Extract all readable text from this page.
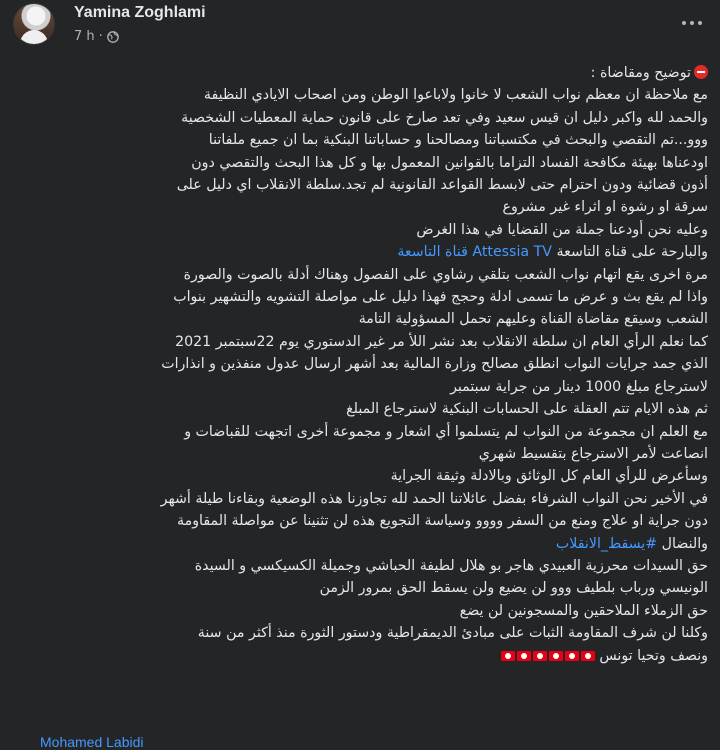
Yamina Zoghlami
7 h ·
توضيح ومقاضاة :
مع ملاحظة ان معظم نواب الشعب لا خانوا ولاباعوا الوطن ومن اصحاب الايادي النظيفة
والحمد لله واكبر دليل ان قيس سعيد وفي تعد صارخ على قانون حماية المعطيات الشخصية
ووو...تم التقصي والبحث في مكتسباتنا ومصالحنا و حساباتنا البنكية بما ان جميع ملفاتنا
اودعناها بهيئة مكافحة الفساد التزاما بالقوانين المعمول بها و كل هذا البحث والتقصي دون
أذون قضائية ودون احترام حتى لابسط القواعد القانونية لم تجد.سلطة الانقلاب اي دليل على
سرقة او رشوة او اثراء غير مشروع
وعليه نحن أودعنا جملة من القضايا في هذا الغرض
والبارحة على قناة التاسعة Attessia TV قناة التاسعة
مرة اخرى يقع اتهام نواب الشعب بتلقي رشاوي على الفصول وهناك أدلة بالصوت والصورة
واذا لم يقع بث و عرض ما تسمى ادلة وحجج فهذا دليل على مواصلة التشويه والتشهير بنواب
الشعب وسيقع مقاضاة القناة وعليهم تحمل المسؤولية التامة
كما نعلم الرأي العام ان سلطة الانقلاب بعد نشر اللأ مر غير الدستوري يوم 22سبتمبر 2021
الذي جمد جرايات النواب انطلق مصالح وزارة المالية بعد أشهر ارسال عدول منفذين و انذارات
لاسترجاع مبلغ 1000 دينار من جراية سبتمبر
ثم هذه الايام تتم العقلة على الحسابات البنكية لاسترجاع المبلغ
مع العلم ان مجموعة من النواب لم يتسلموا أي اشعار و مجموعة أخرى اتجهت للقباضات و
انصاعت لأمر الاسترجاع بتقسيط شهري
وسأعرض للرأي العام كل الوثائق وبالادلة وثيقة الجراية
في الأخير نحن النواب الشرفاء بفضل عائلاتنا الحمد لله تجاوزنا هذه الوضعية وبقاءنا طيلة أشهر
دون جراية او علاج ومنع من السفر وووو وسياسة التجويع هذه لن تثنينا عن مواصلة المقاومة
والنضال #يسقط_الانقلاب
حق السيدات محرزية العبيدي هاجر بو هلال لطيفة الحباشي وجميلة الكسيكسي و السيدة
الونيسي ورباب بلطيف ووو لن يضيع ولن يسقط الحق بمرور الزمن
حق الزملاء الملاحقين والمسجونين لن يضع
وكلنا لن شرف المقاومة الثبات على مبادئ الديمقراطية ودستور الثورة منذ أكثر من سنة
ونصف وتحيا تونس
Mohamed Labidi
